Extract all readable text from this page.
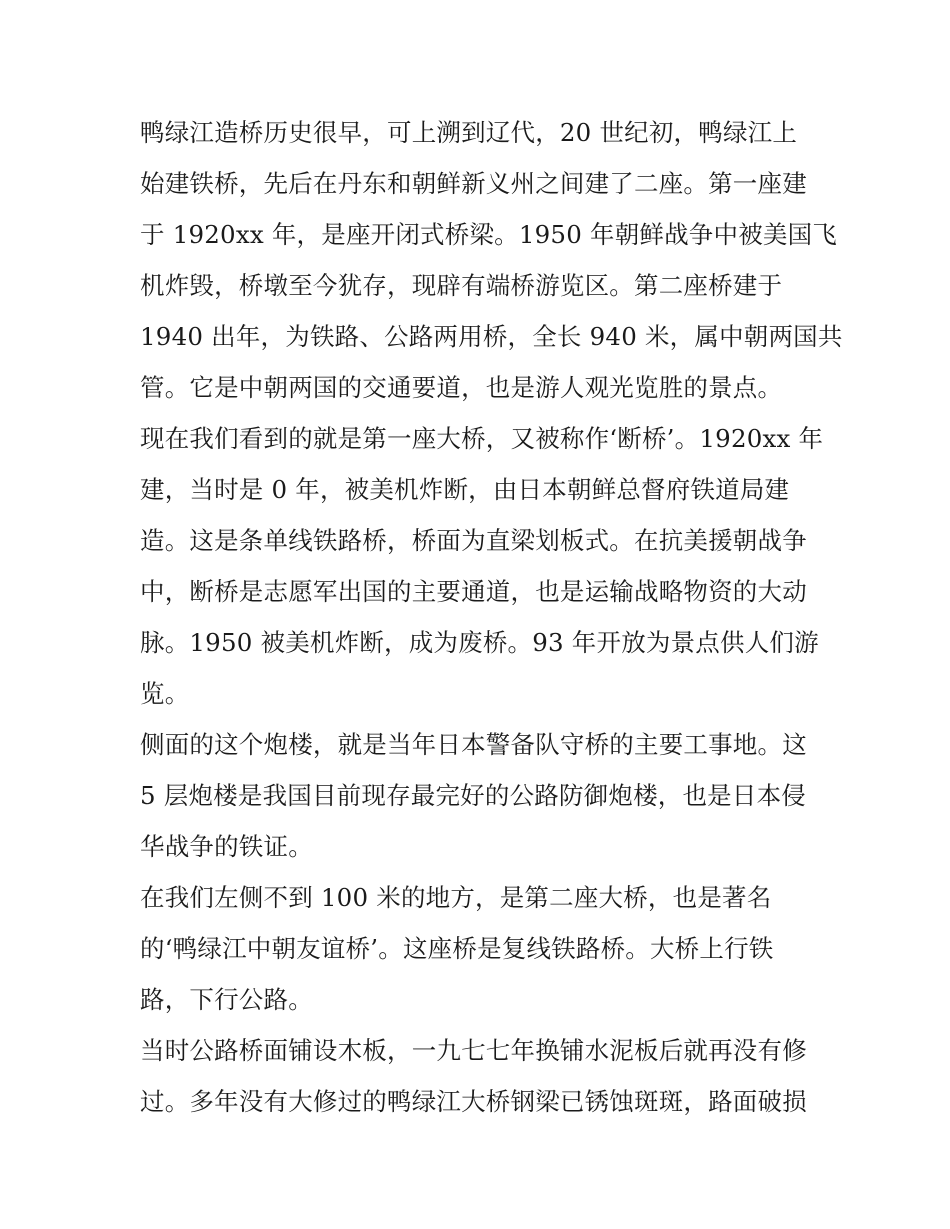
鸭绿江造桥历史很早，可上溯到辽代，20 世纪初，鸭绿江上
始建铁桥，先后在丹东和朝鲜新义州之间建了二座。第一座建
于 1920xx 年，是座开闭式桥梁。1950 年朝鲜战争中被美国飞
机炸毁，桥墩至今犹存，现辟有端桥游览区。第二座桥建于
1940 出年，为铁路、公路两用桥，全长 940 米，属中朝两国共
管。它是中朝两国的交通要道，也是游人观光览胜的景点。
现在我们看到的就是第一座大桥，又被称作‘断桥’。1920xx 年
建，当时是 0 年，被美机炸断，由日本朝鲜总督府铁道局建
造。这是条单线铁路桥，桥面为直梁划板式。在抗美援朝战争
中，断桥是志愿军出国的主要通道，也是运输战略物资的大动
脉。1950 被美机炸断，成为废桥。93 年开放为景点供人们游
览。
侧面的这个炮楼，就是当年日本警备队守桥的主要工事地。这
5 层炮楼是我国目前现存最完好的公路防御炮楼，也是日本侵
华战争的铁证。
在我们左侧不到 100 米的地方，是第二座大桥，也是著名
的‘鸭绿江中朝友谊桥’。这座桥是复线铁路桥。大桥上行铁
路，下行公路。
当时公路桥面铺设木板，一九七七年换铺水泥板后就再没有修
过。多年没有大修过的鸭绿江大桥钢梁已锈蚀斑斑，路面破损
